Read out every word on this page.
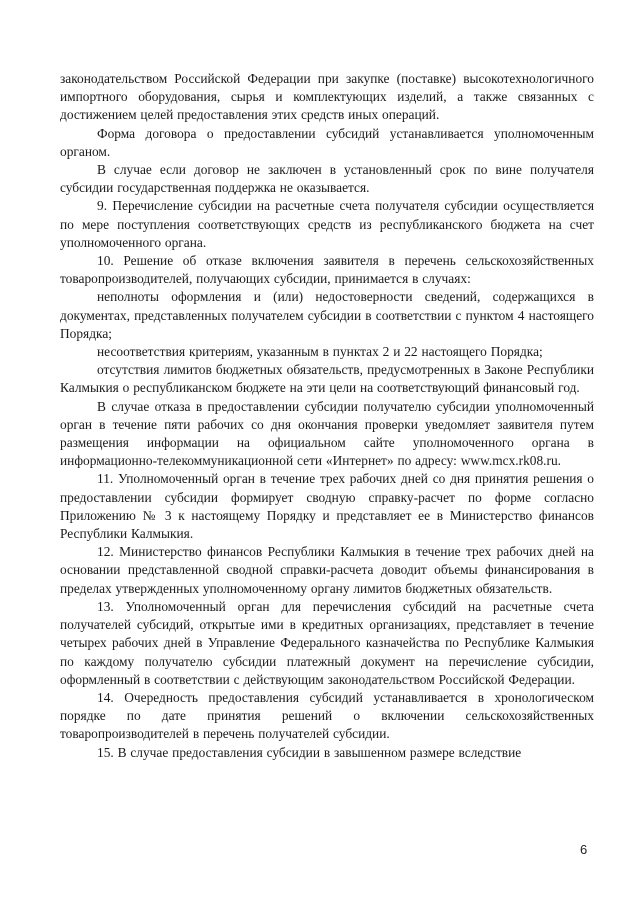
законодательством Российской Федерации при закупке (поставке) высокотехнологичного импортного оборудования, сырья и комплектующих изделий, а также связанных с достижением целей предоставления этих средств иных операций.

Форма договора о предоставлении субсидий устанавливается уполномоченным органом.

В случае если договор не заключен в установленный срок по вине получателя субсидии государственная поддержка не оказывается.

9. Перечисление субсидии на расчетные счета получателя субсидии осуществляется по мере поступления соответствующих средств из республиканского бюджета на счет уполномоченного органа.

10. Решение об отказе включения заявителя в перечень сельскохозяйственных товаропроизводителей, получающих субсидии, принимается в случаях:

неполноты оформления и (или) недостоверности сведений, содержащихся в документах, представленных получателем субсидии в соответствии с пунктом 4 настоящего Порядка;

несоответствия критериям, указанным в пунктах 2 и 22 настоящего Порядка;

отсутствия лимитов бюджетных обязательств, предусмотренных в Законе Республики Калмыкия о республиканском бюджете на эти цели на соответствующий финансовый год.

В случае отказа в предоставлении субсидии получателю субсидии уполномоченный орган в течение пяти рабочих со дня окончания проверки уведомляет заявителя путем размещения информации на официальном сайте уполномоченного органа в информационно-телекоммуникационной сети «Интернет» по адресу: www.mcx.rk08.ru.

11. Уполномоченный орган в течение трех рабочих дней со дня принятия решения о предоставлении субсидии формирует сводную справку-расчет по форме согласно Приложению № 3 к настоящему Порядку и представляет ее в Министерство финансов Республики Калмыкия.

12. Министерство финансов Республики Калмыкия в течение трех рабочих дней на основании представленной сводной справки-расчета доводит объемы финансирования в пределах утвержденных уполномоченному органу лимитов бюджетных обязательств.

13. Уполномоченный орган для перечисления субсидий на расчетные счета получателей субсидий, открытые ими в кредитных организациях, представляет в течение четырех рабочих дней в Управление Федерального казначейства по Республике Калмыкия по каждому получателю субсидии платежный документ на перечисление субсидии, оформленный в соответствии с действующим законодательством Российской Федерации.

14. Очередность предоставления субсидий устанавливается в хронологическом порядке по дате принятия решений о включении сельскохозяйственных товаропроизводителей в перечень получателей субсидии.

15. В случае предоставления субсидии в завышенном размере вследствие

6
